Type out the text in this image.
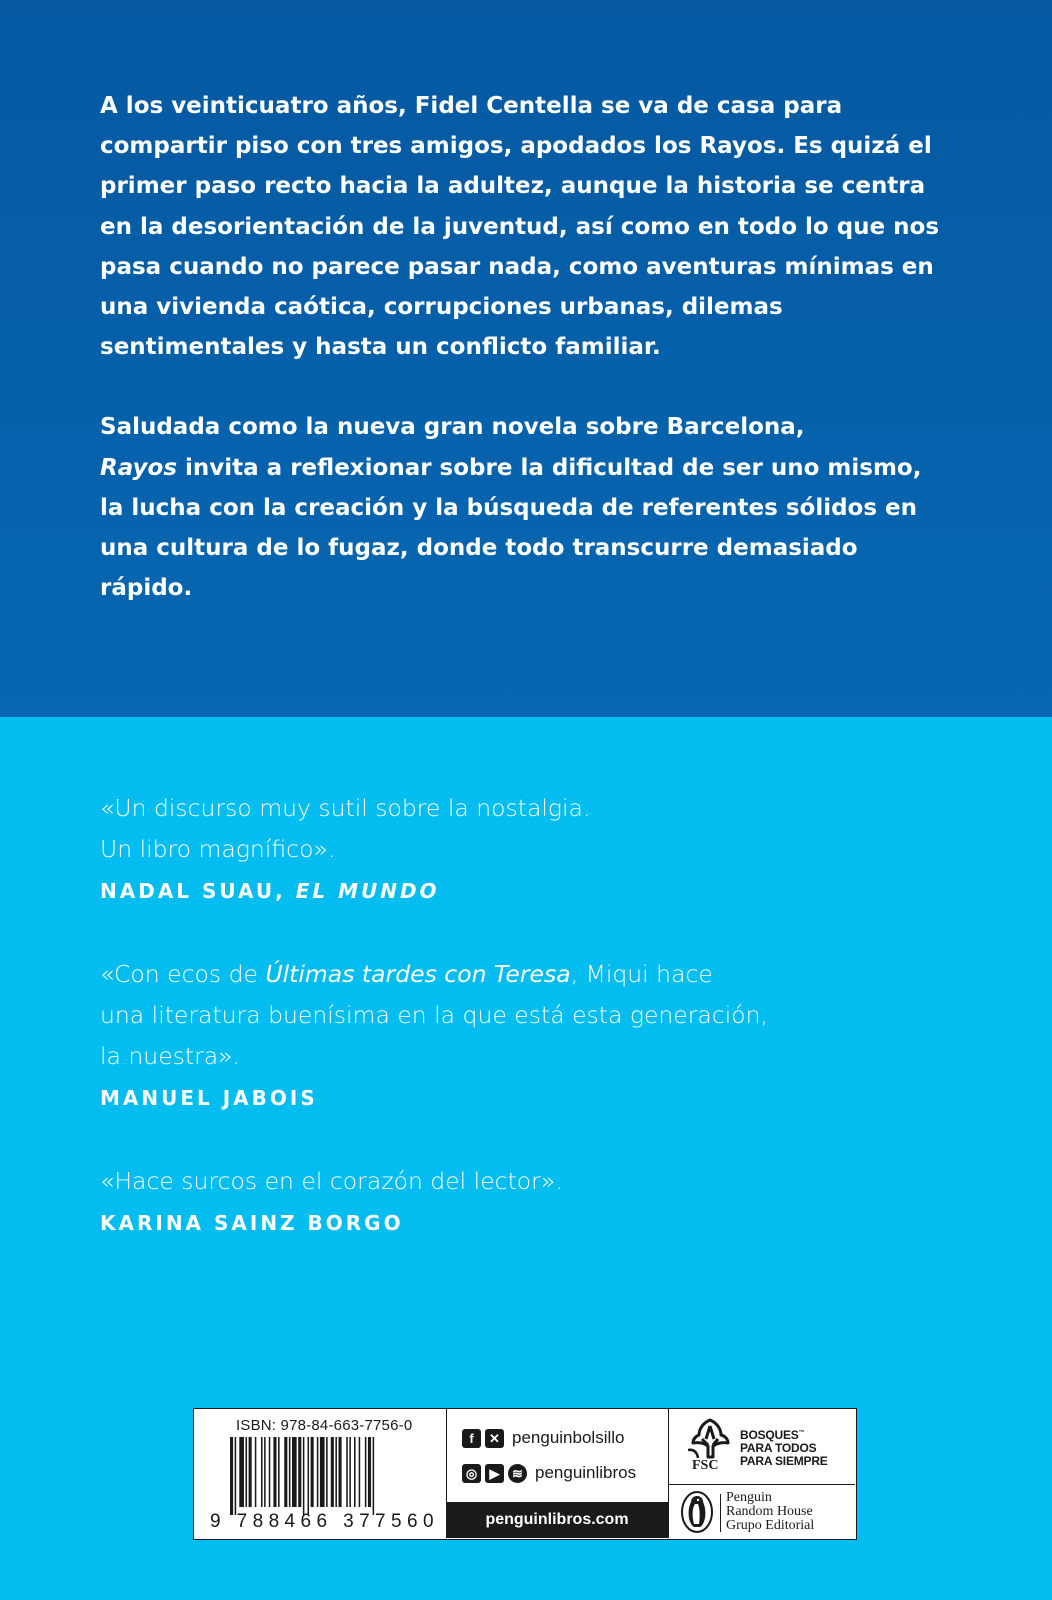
A los veinticuatro años, Fidel Centella se va de casa para compartir piso con tres amigos, apodados los Rayos. Es quizá el primer paso recto hacia la adultez, aunque la historia se centra en la desorientación de la juventud, así como en todo lo que nos pasa cuando no parece pasar nada, como aventuras mínimas en una vivienda caótica, corrupciones urbanas, dilemas sentimentales y hasta un conflicto familiar.

Saludada como la nueva gran novela sobre Barcelona,
Rayos invita a reflexionar sobre la dificultad de ser uno mismo, la lucha con la creación y la búsqueda de referentes sólidos en una cultura de lo fugaz, donde todo transcurre demasiado rápido.

«Un discurso muy sutil sobre la nostalgia.
Un libro magnífico».

NADAL SUAU, EL MUNDO

«Con ecos de Últimas tardes con Teresa, Miqui hace
una literatura buenísima en la que está esta generación,
la nuestra».

MANUEL JABOIS

«Hace surcos en el corazón del lector».

KARINA SAINZ BORGO
ISBN: 978-84-663-7756-0
9 788466 377560
f	✕ penguinbolsillo
◎ ▶ ≋ penguinlibros
penguinlibros.com
FSC
BOSQUES™
PARA TODOS
PARA SIEMPRE
Penguin
Random House
Grupo Editorial
